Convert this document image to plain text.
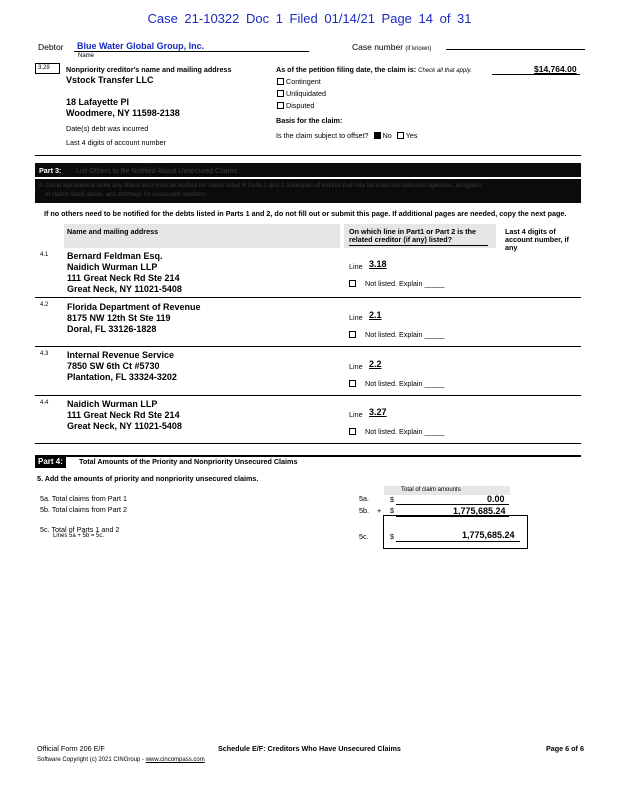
Case 21-10322 Doc 1 Filed 01/14/21 Page 14 of 31
Debtor Blue Water Global Group, Inc.
Name
Case number (if known)
3.29	Nonpriority creditor's name and mailing address
Vstock Transfer LLC
18 Lafayette Pl
Woodmere, NY 11598-2138
Date(s) debt was incurred
Last 4 digits of account number
As of the petition filing date, the claim is: Check all that apply.	$14,764.00
Contingent
Unliquidated
Disputed
Basis for the claim:
Is the claim subject to offset? No Yes
Part 3: List Others to Be Notified About Unsecured Claims
4. List in alphabetical order any others who must be notified for claims listed in Parts 1 and 2. Examples of entities that may be listed are collection agencies, assignees
of claims listed above, and attorneys for unsecured creditors.
If no others need to be notified for the debts listed in Parts 1 and 2, do not fill out or submit this page. If additional pages are needed, copy the next page.
Name and mailing address	On which line in Part1 or Part 2 is the
related creditor (if any) listed?
Last 4 digits of
account number, if
any
4.1 Bernard Feldman Esq.
Naidich Wurman LLP
111 Great Neck Rd Ste 214
Great Neck, NY 11021-5408
Line 3.18
Not listed. Explain _____
4.2 Florida Department of Revenue
8175 NW 12th St Ste 119
Doral, FL 33126-1828
Line 2.1
Not listed. Explain _____
4.3 Internal Revenue Service
7850 SW 6th Ct #5730
Plantation, FL 33324-3202
Line 2.2
Not listed. Explain _____
4.4 Naidich Wurman LLP
111 Great Neck Rd Ste 214
Great Neck, NY 11021-5408
Line 3.27
Not listed. Explain _____
Part 4:	Total Amounts of the Priority and Nonpriority Unsecured Claims
5. Add the amounts of priority and nonpriority unsecured claims.
Total of claim amounts
5a. Total claims from Part 1	5a.	$	0.00
5b. Total claims from Part 2	5b. + $	1,775,685.24
5c. Total of Parts 1 and 2
Lines 5a + 5b = 5c.	5c.	$	1,775,685.24
Official Form 206 E/F	Schedule E/F: Creditors Who Have Unsecured Claims	Page 6 of 6
Software Copyright (c) 2021 CINGroup - www.cincompass.com
